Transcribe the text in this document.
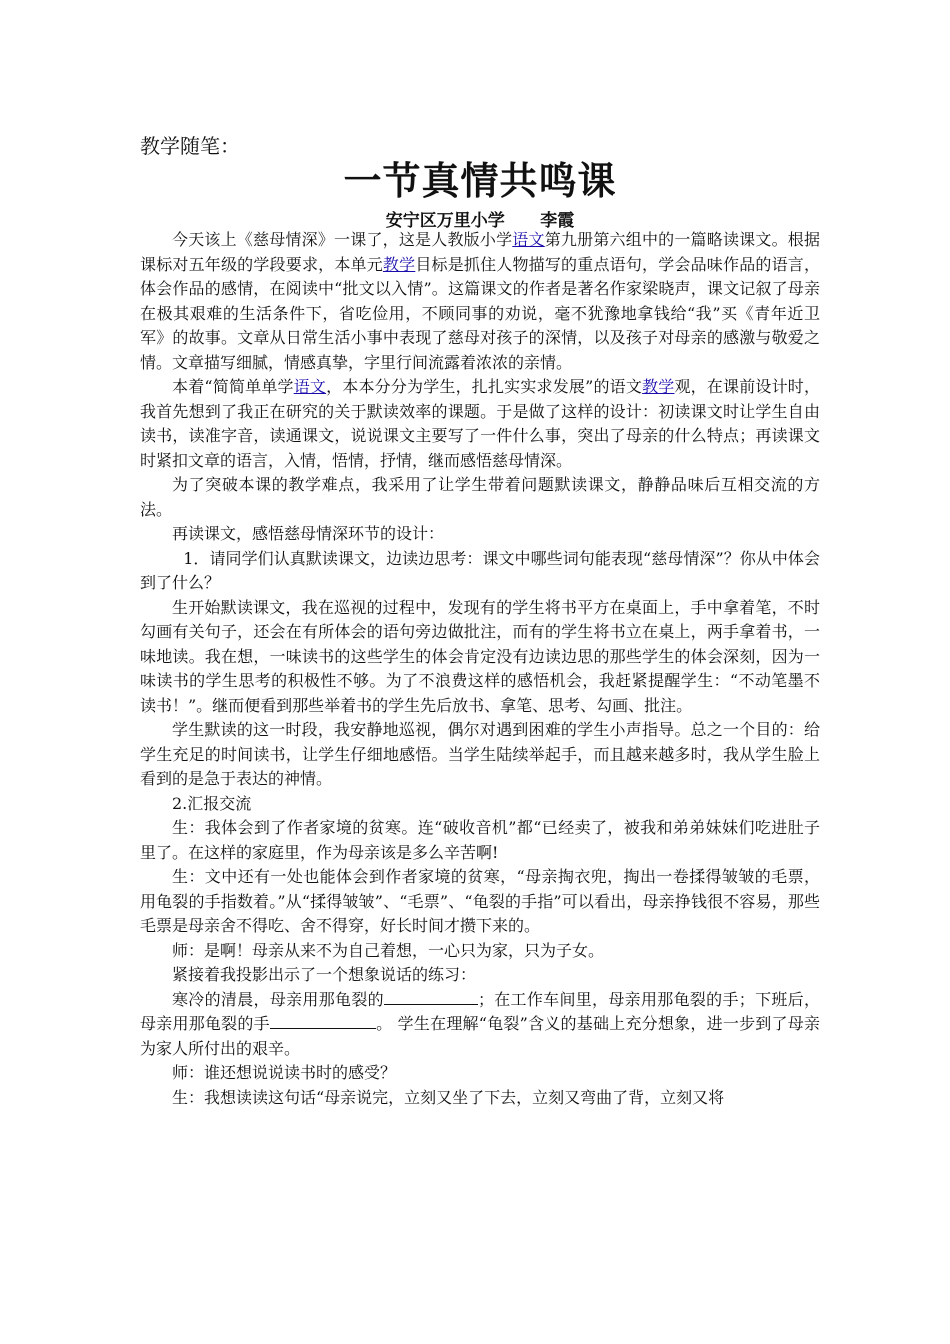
教学随笔：
一节真情共鸣课
安宁区万里小学      李霞

今天该上《慈母情深》一课了，这是人教版小学语文第九册第六组中的一篇略读课文。根据课标对五年级的学段要求，本单元教学目标是抓住人物描写的重点语句，学会品味作品的语言，体会作品的感情，在阅读中“批文以入情”。这篇课文的作者是著名作家梁晓声，课文记叙了母亲在极其艰难的生活条件下，省吃俭用，不顾同事的劝说，毫不犹豫地拿钱给“我”买《青年近卫军》的故事。文章从日常生活小事中表现了慈母对孩子的深情，以及孩子对母亲的感激与敬爱之情。文章描写细腻，情感真挚，字里行间流露着浓浓的亲情。

本着“简简单单学语文，本本分分为学生，扎扎实实求发展”的语文教学观，在课前设计时，我首先想到了我正在研究的关于默读效率的课题。于是做了这样的设计：初读课文时让学生自由读书，读准字音，读通课文，说说课文主要写了一件什么事，突出了母亲的什么特点；再读课文时紧扣文章的语言，入情，悟情，抒情，继而感悟慈母情深。

为了突破本课的教学难点，我采用了让学生带着问题默读课文，静静品味后互相交流的方法。

再读课文，感悟慈母情深环节的设计：

1．请同学们认真默读课文，边读边思考：课文中哪些词句能表现“慈母情深”？你从中体会到了什么？

生开始默读课文，我在巡视的过程中，发现有的学生将书平方在桌面上，手中拿着笔，不时勾画有关句子，还会在有所体会的语句旁边做批注，而有的学生将书立在桌上，两手拿着书，一味地读。我在想，一味读书的这些学生的体会肯定没有边读边思的那些学生的体会深刻，因为一味读书的学生思考的积极性不够。为了不浪费这样的感悟机会，我赶紧提醒学生：“不动笔墨不读书！”。继而便看到那些举着书的学生先后放书、拿笔、思考、勾画、批注。

学生默读的这一时段，我安静地巡视，偶尔对遇到困难的学生小声指导。总之一个目的：给学生充足的时间读书，让学生仔细地感悟。当学生陆续举起手，而且越来越多时，我从学生脸上看到的是急于表达的神情。

2.汇报交流

生：我体会到了作者家境的贫寒。连“破收音机”都“已经卖了，被我和弟弟妹妹们吃进肚子里了。在这样的家庭里，作为母亲该是多么辛苦啊!

生：文中还有一处也能体会到作者家境的贫寒，“母亲掏衣兜，掏出一卷揉得皱皱的毛票，用龟裂的手指数着。”从“揉得皱皱”、“毛票”、“龟裂的手指”可以看出，母亲挣钱很不容易，那些毛票是母亲舍不得吃、舍不得穿，好长时间才攒下来的。

师：是啊！母亲从来不为自己着想，一心只为家，只为子女。

紧接着我投影出示了一个想象说话的练习：

寒冷的清晨，母亲用那龟裂的	；在工作车间里，母亲用那龟裂的手；下班后，母亲用那龟裂的手	。 学生在理解“龟裂”含义的基础上充分想象，进一步到了母亲为家人所付出的艰辛。

师：谁还想说说读书时的感受？

生：我想读读这句话“母亲说完，立刻又坐了下去，立刻又弯曲了背，立刻又将
